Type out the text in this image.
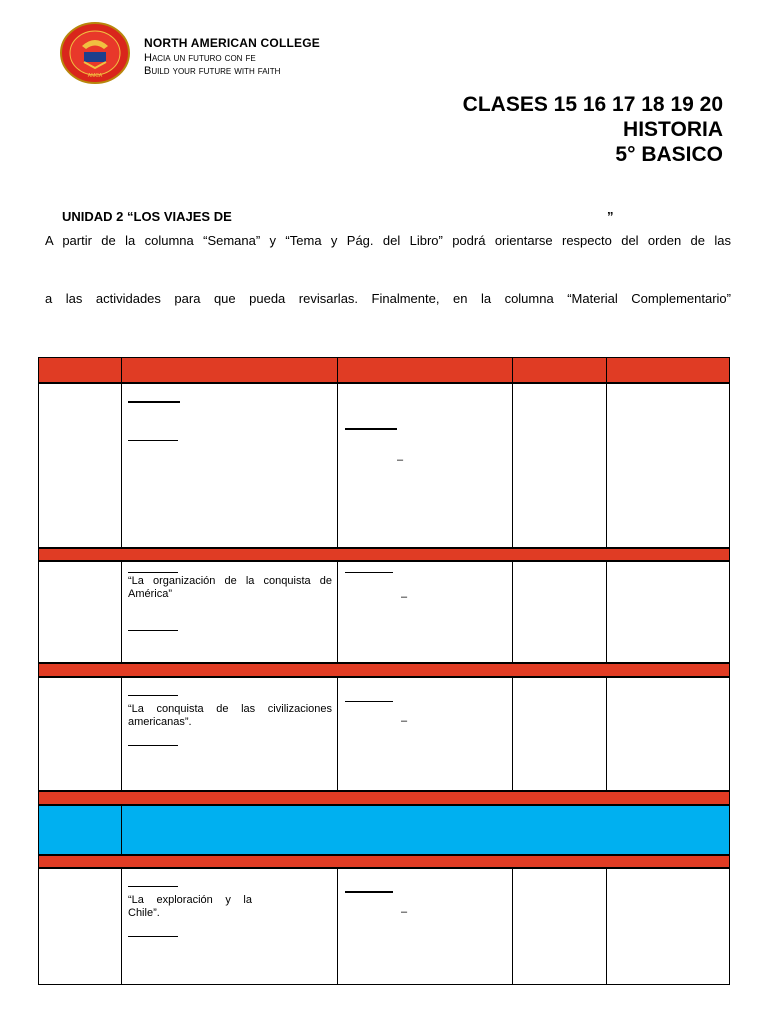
AMCA
NORTH AMERICAN COLLEGE
Hacia un futuro con fe
Build your future with faith
CLASES 15 16 17 18 19 20
HISTORIA
5° BASICO
UNIDAD 2 “LOS VIAJES DE	”
A partir de la columna “Semana” y “Tema y Pág. del Libro” podrá orientarse respecto del orden de las
a las actividades para que pueda revisarlas. Finalmente, en la columna “Material Complementario”
–
“La organización de la conquista de América”	–
“La conquista de las civilizaciones americanas”.	–
“La exploración y la Chile”.	–
